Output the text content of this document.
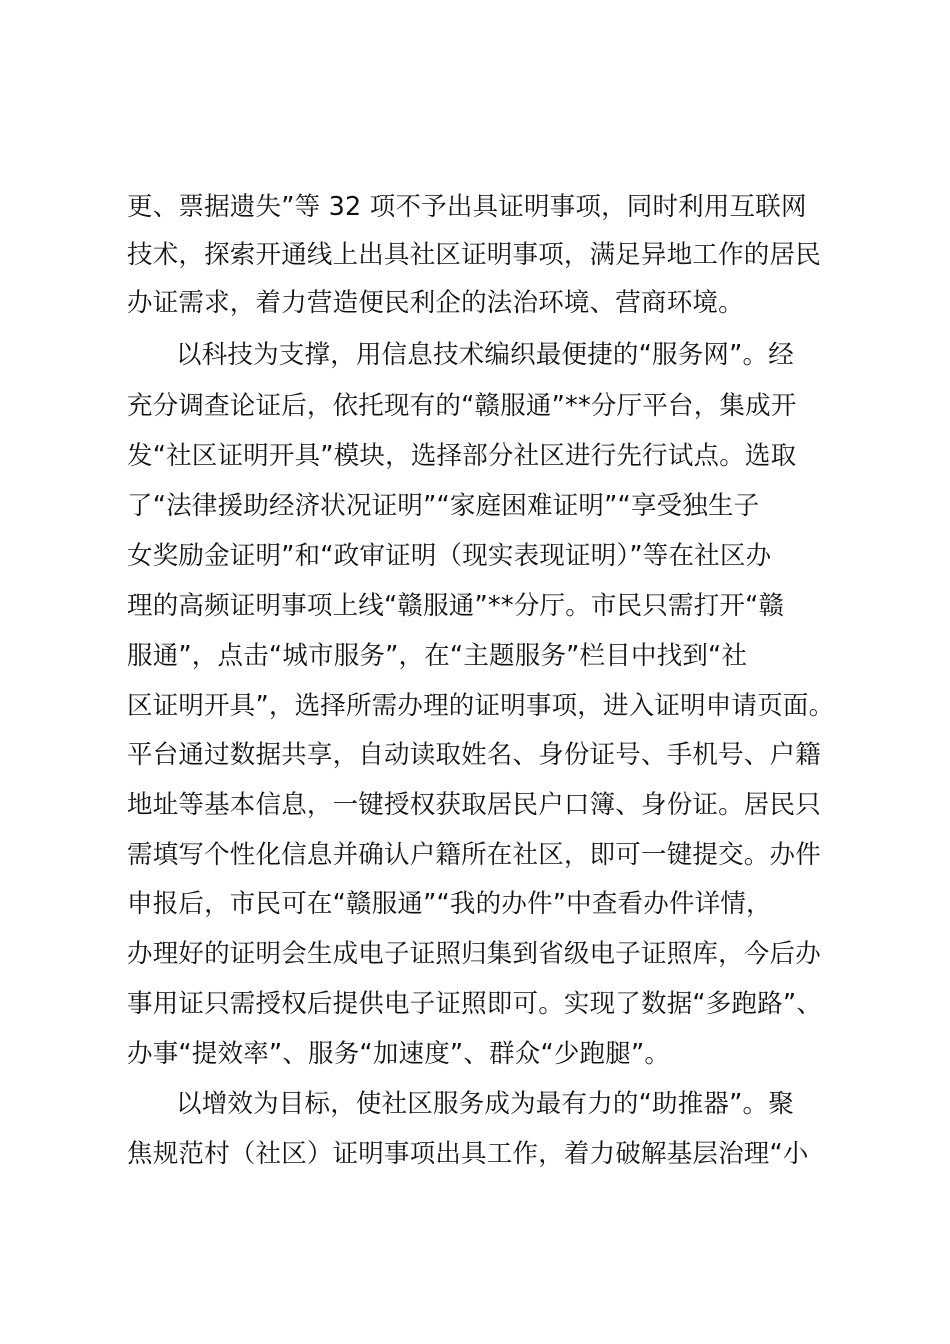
更、票据遗失”等 32 项不予出具证明事项，同时利用互联网
技术，探索开通线上出具社区证明事项，满足异地工作的居民
办证需求，着力营造便民利企的法治环境、营商环境。
以科技为支撑，用信息技术编织最便捷的“服务网”。经
充分调查论证后，依托现有的“赣服通”**分厅平台，集成开
发“社区证明开具”模块，选择部分社区进行先行试点。选取
了“法律援助经济状况证明”“家庭困难证明”“享受独生子
女奖励金证明”和“政审证明（现实表现证明）”等在社区办
理的高频证明事项上线“赣服通”**分厅。市民只需打开“赣
服通”，点击“城市服务”，在“主题服务”栏目中找到“社
区证明开具”，选择所需办理的证明事项，进入证明申请页面。
平台通过数据共享，自动读取姓名、身份证号、手机号、户籍
地址等基本信息，一键授权获取居民户口簿、身份证。居民只
需填写个性化信息并确认户籍所在社区，即可一键提交。办件
申报后，市民可在“赣服通”“我的办件”中查看办件详情，
办理好的证明会生成电子证照归集到省级电子证照库，今后办
事用证只需授权后提供电子证照即可。实现了数据“多跑路”、
办事“提效率”、服务“加速度”、群众“少跑腿”。
以增效为目标，使社区服务成为最有力的“助推器”。聚
焦规范村（社区）证明事项出具工作，着力破解基层治理“小
